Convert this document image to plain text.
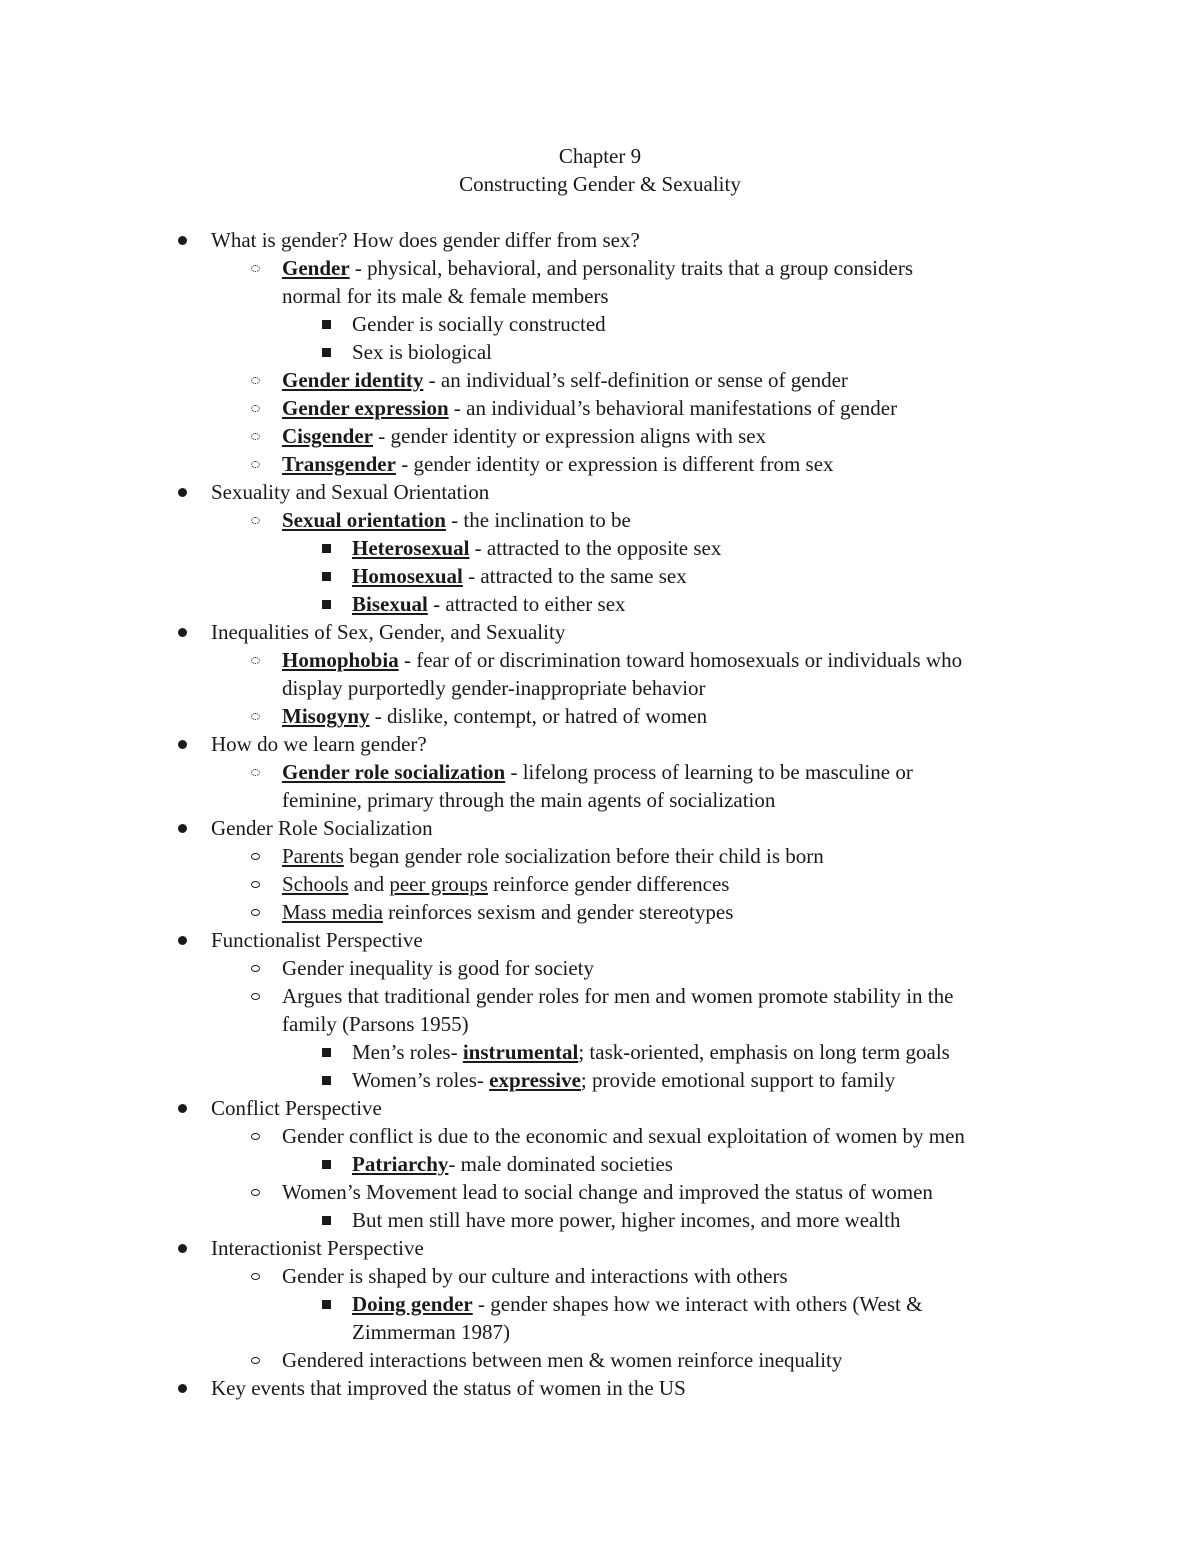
Chapter 9
Constructing Gender & Sexuality
What is gender? How does gender differ from sex?
Gender - physical, behavioral, and personality traits that a group considers
normal for its male & female members
Gender is socially constructed
Sex is biological
Gender identity - an individual’s self-definition or sense of gender
Gender expression - an individual’s behavioral manifestations of gender
Cisgender - gender identity or expression aligns with sex
Transgender - gender identity or expression is different from sex
Sexuality and Sexual Orientation
Sexual orientation - the inclination to be
Heterosexual - attracted to the opposite sex
Homosexual - attracted to the same sex
Bisexual - attracted to either sex
Inequalities of Sex, Gender, and Sexuality
Homophobia - fear of or discrimination toward homosexuals or individuals who
display purportedly gender-inappropriate behavior
Misogyny - dislike, contempt, or hatred of women
How do we learn gender?
Gender role socialization - lifelong process of learning to be masculine or
feminine, primary through the main agents of socialization
Gender Role Socialization
Parents began gender role socialization before their child is born
Schools and peer groups reinforce gender differences
Mass media reinforces sexism and gender stereotypes
Functionalist Perspective
Gender inequality is good for society
Argues that traditional gender roles for men and women promote stability in the
family (Parsons 1955)
Men’s roles- instrumental; task-oriented, emphasis on long term goals
Women’s roles- expressive; provide emotional support to family
Conflict Perspective
Gender conflict is due to the economic and sexual exploitation of women by men
Patriarchy- male dominated societies
Women’s Movement lead to social change and improved the status of women
But men still have more power, higher incomes, and more wealth
Interactionist Perspective
Gender is shaped by our culture and interactions with others
Doing gender - gender shapes how we interact with others (West &
Zimmerman 1987)
Gendered interactions between men & women reinforce inequality
Key events that improved the status of women in the US
